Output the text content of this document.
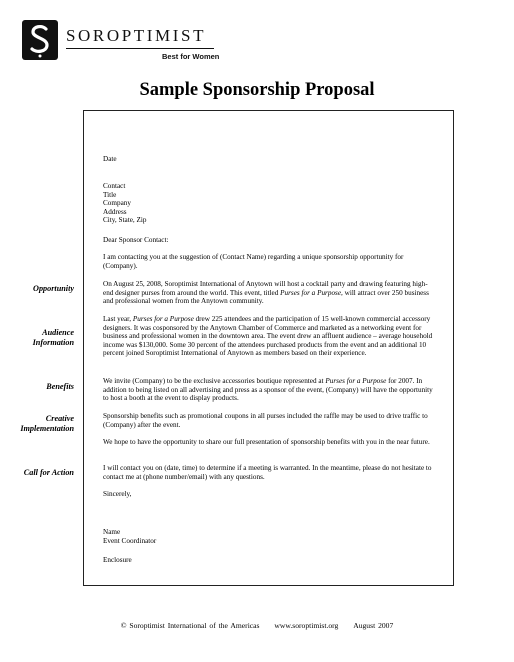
SOROPTIMIST
Best for Women
Sample Sponsorship Proposal
Date
Contact
Title
Company
Address
City, State, Zip
Dear Sponsor Contact:
I am contacting you at the suggestion of (Contact Name) regarding a unique sponsorship opportunity for (Company).
On August 25, 2008, Soroptimist International of Anytown will host a cocktail party and drawing featuring high-end designer purses from around the world. This event, titled Purses for a Purpose, will attract over 250 business and professional women from the Anytown community.
Last year, Purses for a Purpose drew 225 attendees and the participation of 15 well-known commercial accessory designers. It was cosponsored by the Anytown Chamber of Commerce and marketed as a networking event for business and professional women in the downtown area. The event drew an affluent audience – average household income was $130,000. Some 30 percent of the attendees purchased products from the event and an additional 10 percent joined Soroptimist International of Anytown as members based on their experience.
We invite (Company) to be the exclusive accessories boutique represented at Purses for a Purpose for 2007. In addition to being listed on all advertising and press as a sponsor of the event, (Company) will have the opportunity to host a booth at the event to display products.
Sponsorship benefits such as promotional coupons in all purses included the raffle may be used to drive traffic to (Company) after the event.
We hope to have the opportunity to share our full presentation of sponsorship benefits with you in the near future.
I will contact you on (date, time) to determine if a meeting is warranted. In the meantime, please do not hesitate to contact me at (phone number/email) with any questions.
Sincerely,
Name
Event Coordinator
Enclosure
Opportunity
Audience
Information
Benefits
Creative
Implementation
Call for Action
© Soroptimist International of the Americas www.soroptimist.org August 2007
